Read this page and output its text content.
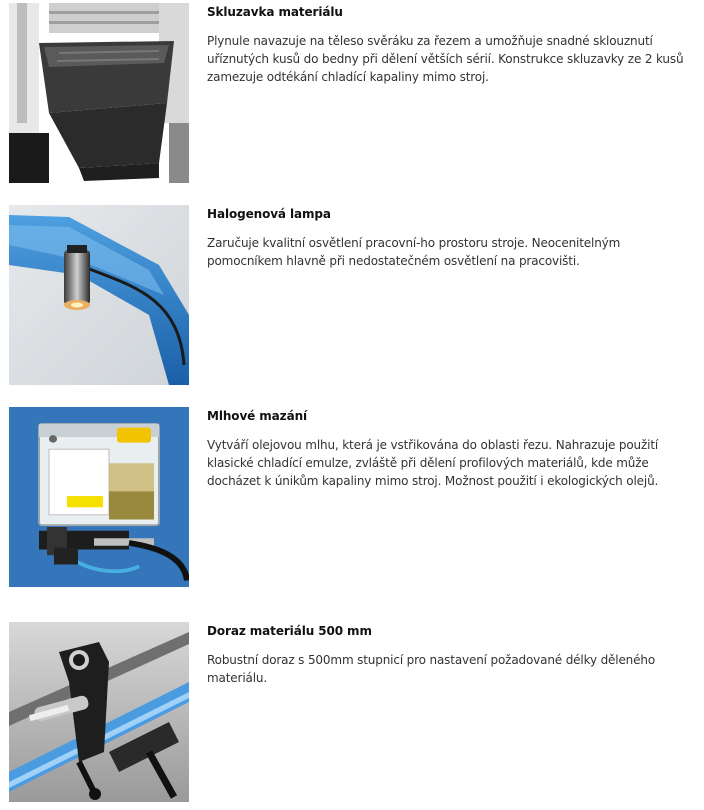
Skluzavka materiálu

Plynule navazuje na těleso svěráku za řezem a umožňuje snadné sklouznutí uříznutých kusů do bedny při dělení větších sérií. Konstrukce skluzavky ze 2 kusů zamezuje odtékání chladící kapaliny mimo stroj.

Halogenová lampa

Zaručuje kvalitní osvětlení pracovní-ho prostoru stroje. Neocenitelným pomocníkem hlavně při nedostatečném osvětlení na pracovišti.

Mlhové mazání

Vytváří olejovou mlhu, která je vstřikována do oblasti řezu. Nahrazuje použití klasické chladící emulze, zvláště při dělení profilových materiálů, kde může docházet k únikům kapaliny mimo stroj. Možnost použití i ekologických olejů.

Doraz materiálu 500 mm

Robustní doraz s 500mm stupnicí pro nastavení požadované délky děleného materiálu.
